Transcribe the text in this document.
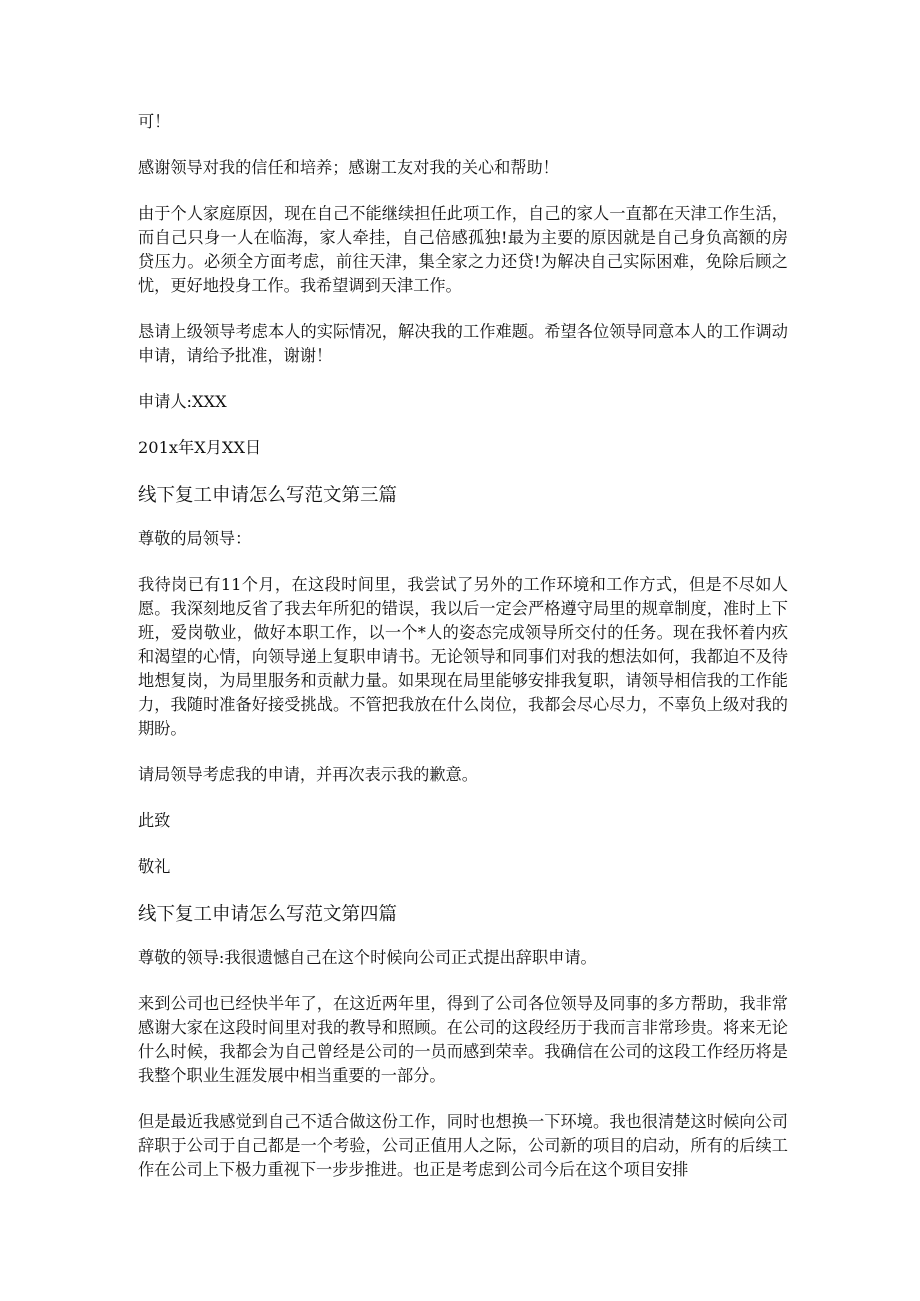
可！

感谢领导对我的信任和培养；感谢工友对我的关心和帮助！

由于个人家庭原因，现在自己不能继续担任此项工作，自己的家人一直都在天津工作生活，而自己只身一人在临海，家人牵挂，自己倍感孤独!最为主要的原因就是自己身负高额的房贷压力。必须全方面考虑，前往天津，集全家之力还贷!为解决自己实际困难，免除后顾之忧，更好地投身工作。我希望调到天津工作。

恳请上级领导考虑本人的实际情况，解决我的工作难题。希望各位领导同意本人的工作调动申请，请给予批准，谢谢！

申请人:XXX

201x年X月XX日

线下复工申请怎么写范文第三篇

尊敬的局领导：

我待岗已有11个月，在这段时间里，我尝试了另外的工作环境和工作方式，但是不尽如人愿。我深刻地反省了我去年所犯的错误，我以后一定会严格遵守局里的规章制度，准时上下班，爱岗敬业，做好本职工作，以一个*人的姿态完成领导所交付的任务。现在我怀着内疚和渴望的心情，向领导递上复职申请书。无论领导和同事们对我的想法如何，我都迫不及待地想复岗，为局里服务和贡献力量。如果现在局里能够安排我复职，请领导相信我的工作能力，我随时准备好接受挑战。不管把我放在什么岗位，我都会尽心尽力，不辜负上级对我的期盼。

请局领导考虑我的申请，并再次表示我的歉意。

此致

敬礼

线下复工申请怎么写范文第四篇

尊敬的领导:我很遗憾自己在这个时候向公司正式提出辞职申请。

来到公司也已经快半年了，在这近两年里，得到了公司各位领导及同事的多方帮助，我非常感谢大家在这段时间里对我的教导和照顾。在公司的这段经历于我而言非常珍贵。将来无论什么时候，我都会为自己曾经是公司的一员而感到荣幸。我确信在公司的这段工作经历将是我整个职业生涯发展中相当重要的一部分。

但是最近我感觉到自己不适合做这份工作，同时也想换一下环境。我也很清楚这时候向公司辞职于公司于自己都是一个考验，公司正值用人之际，公司新的项目的启动，所有的后续工作在公司上下极力重视下一步步推进。也正是考虑到公司今后在这个项目安排
